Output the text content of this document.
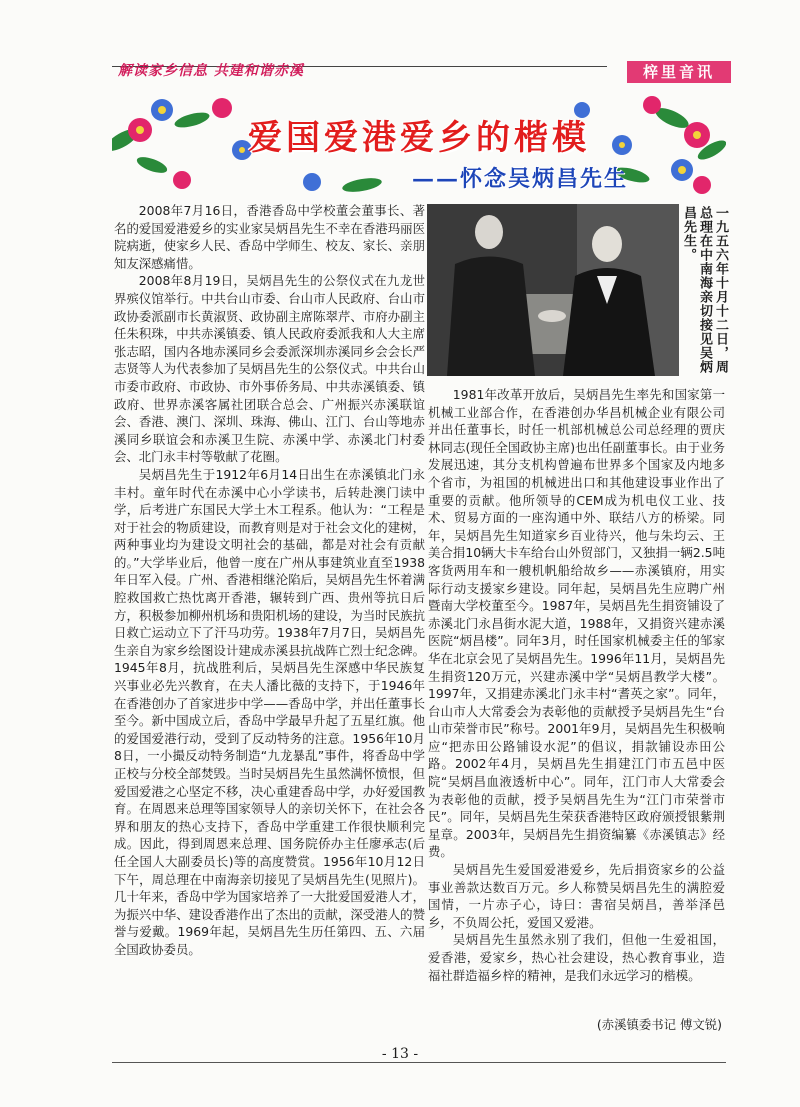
解读家乡信息 共建和谐赤溪	梓里音讯
爱国爱港爱乡的楷模
——怀念吴炳昌先生
一九五六年十月十二日，周总理在中南海亲切接见吴炳昌先生。

2008年7月16日，香港香岛中学校董会董事长、著名的爱国爱港爱乡的实业家吴炳昌先生不幸在香港玛丽医院病逝，使家乡人民、香岛中学师生、校友、家长、亲朋知友深感痛惜。

2008年8月19日，吴炳昌先生的公祭仪式在九龙世界殡仪馆举行。中共台山市委、台山市人民政府、台山市政协委派副市长黄淑贤、政协副主席陈翠芹、市府办副主任朱积珠，中共赤溪镇委、镇人民政府委派我和人大主席张志昭，国内各地赤溪同乡会委派深圳赤溪同乡会会长严志贤等人为代表参加了吴炳昌先生的公祭仪式。中共台山市委市政府、市政协、市外事侨务局、中共赤溪镇委、镇政府、世界赤溪客属社团联合总会、广州振兴赤溪联谊会、香港、澳门、深圳、珠海、佛山、江门、台山等地赤溪同乡联谊会和赤溪卫生院、赤溪中学、赤溪北门村委会、北门永丰村等敬献了花圈。

吴炳昌先生于1912年6月14日出生在赤溪镇北门永丰村。童年时代在赤溪中心小学读书，后转赴澳门读中学，后考进广东国民大学土木工程系。他认为：“工程是对于社会的物质建设，而教育则是对于社会文化的建树，两种事业均为建设文明社会的基础，都是对社会有贡献的。”大学毕业后，他曾一度在广州从事建筑业直至1938年日军入侵。广州、香港相继沦陷后，吴炳昌先生怀着满腔救国救亡热忱离开香港，辗转到广西、贵州等抗日后方，积极参加柳州机场和贵阳机场的建设，为当时民族抗日救亡运动立下了汗马功劳。1938年7月7日，吴炳昌先生亲自为家乡绘图设计建成赤溪县抗战阵亡烈士纪念碑。1945年8月，抗战胜利后，吴炳昌先生深感中华民族复兴事业必先兴教育，在夫人潘比薇的支持下，于1946年在香港创办了首家进步中学——香岛中学，并出任董事长至今。新中国成立后，香岛中学最早升起了五星红旗。他的爱国爱港行动，受到了反动特务的注意。1956年10月8日，一小撮反动特务制造“九龙暴乱”事件，将香岛中学正校与分校全部焚毁。当时吴炳昌先生虽然满怀愤恨，但爱国爱港之心坚定不移，决心重建香岛中学，办好爱国教育。在周恩来总理等国家领导人的亲切关怀下，在社会各界和朋友的热心支持下，香岛中学重建工作很快顺利完成。因此，得到周恩来总理、国务院侨办主任廖承志(后任全国人大副委员长)等的高度赞赏。1956年10月12日下午，周总理在中南海亲切接见了吴炳昌先生(见照片)。几十年来，香岛中学为国家培养了一大批爱国爱港人才，为振兴中华、建设香港作出了杰出的贡献，深受港人的赞誉与爱戴。1969年起，吴炳昌先生历任第四、五、六届全国政协委员。

1981年改革开放后，吴炳昌先生率先和国家第一机械工业部合作，在香港创办华昌机械企业有限公司并出任董事长，时任一机部机械总公司总经理的贾庆林同志(现任全国政协主席)也出任副董事长。由于业务发展迅速，其分支机构曾遍布世界多个国家及内地多个省市，为祖国的机械进出口和其他建设事业作出了重要的贡献。他所领导的CEM成为机电仪工业、技术、贸易方面的一座沟通中外、联结八方的桥梁。同年，吴炳昌先生知道家乡百业待兴，他与朱均云、王美合捐10辆大卡车给台山外贸部门，又独捐一辆2.5吨客货两用车和一艘机帆船给故乡——赤溪镇府，用实际行动支援家乡建设。同年起，吴炳昌先生应聘广州暨南大学校董至今。1987年，吴炳昌先生捐资铺设了赤溪北门永昌街水泥大道，1988年，又捐资兴建赤溪医院“炳昌楼”。同年3月，时任国家机械委主任的邹家华在北京会见了吴炳昌先生。1996年11月，吴炳昌先生捐资120万元，兴建赤溪中学“吴炳昌教学大楼”。1997年，又捐建赤溪北门永丰村“耆英之家”。同年，台山市人大常委会为表彰他的贡献授予吴炳昌先生“台山市荣誉市民”称号。2001年9月，吴炳昌先生积极响应“把赤田公路铺设水泥”的倡议，捐款铺设赤田公路。2002年4月，吴炳昌先生捐建江门市五邑中医院“吴炳昌血液透析中心”。同年，江门市人大常委会为表彰他的贡献，授予吴炳昌先生为“江门市荣誉市民”。同年，吴炳昌先生荣获香港特区政府颁授银紫荆星章。2003年，吴炳昌先生捐资编纂《赤溪镇志》经费。

吴炳昌先生爱国爱港爱乡，先后捐资家乡的公益事业善款达数百万元。乡人称赞吴炳昌先生的满腔爱国情，一片赤子心，诗曰：書宿吴炳昌，善举泽邑乡，不负周公托，爱国又爱港。

吴炳昌先生虽然永别了我们，但他一生爱祖国，爱香港，爱家乡，热心社会建设，热心教育事业，造福社群造福乡梓的精神，是我们永远学习的楷模。

(赤溪镇委书记 傅文锐)
- 13 -
